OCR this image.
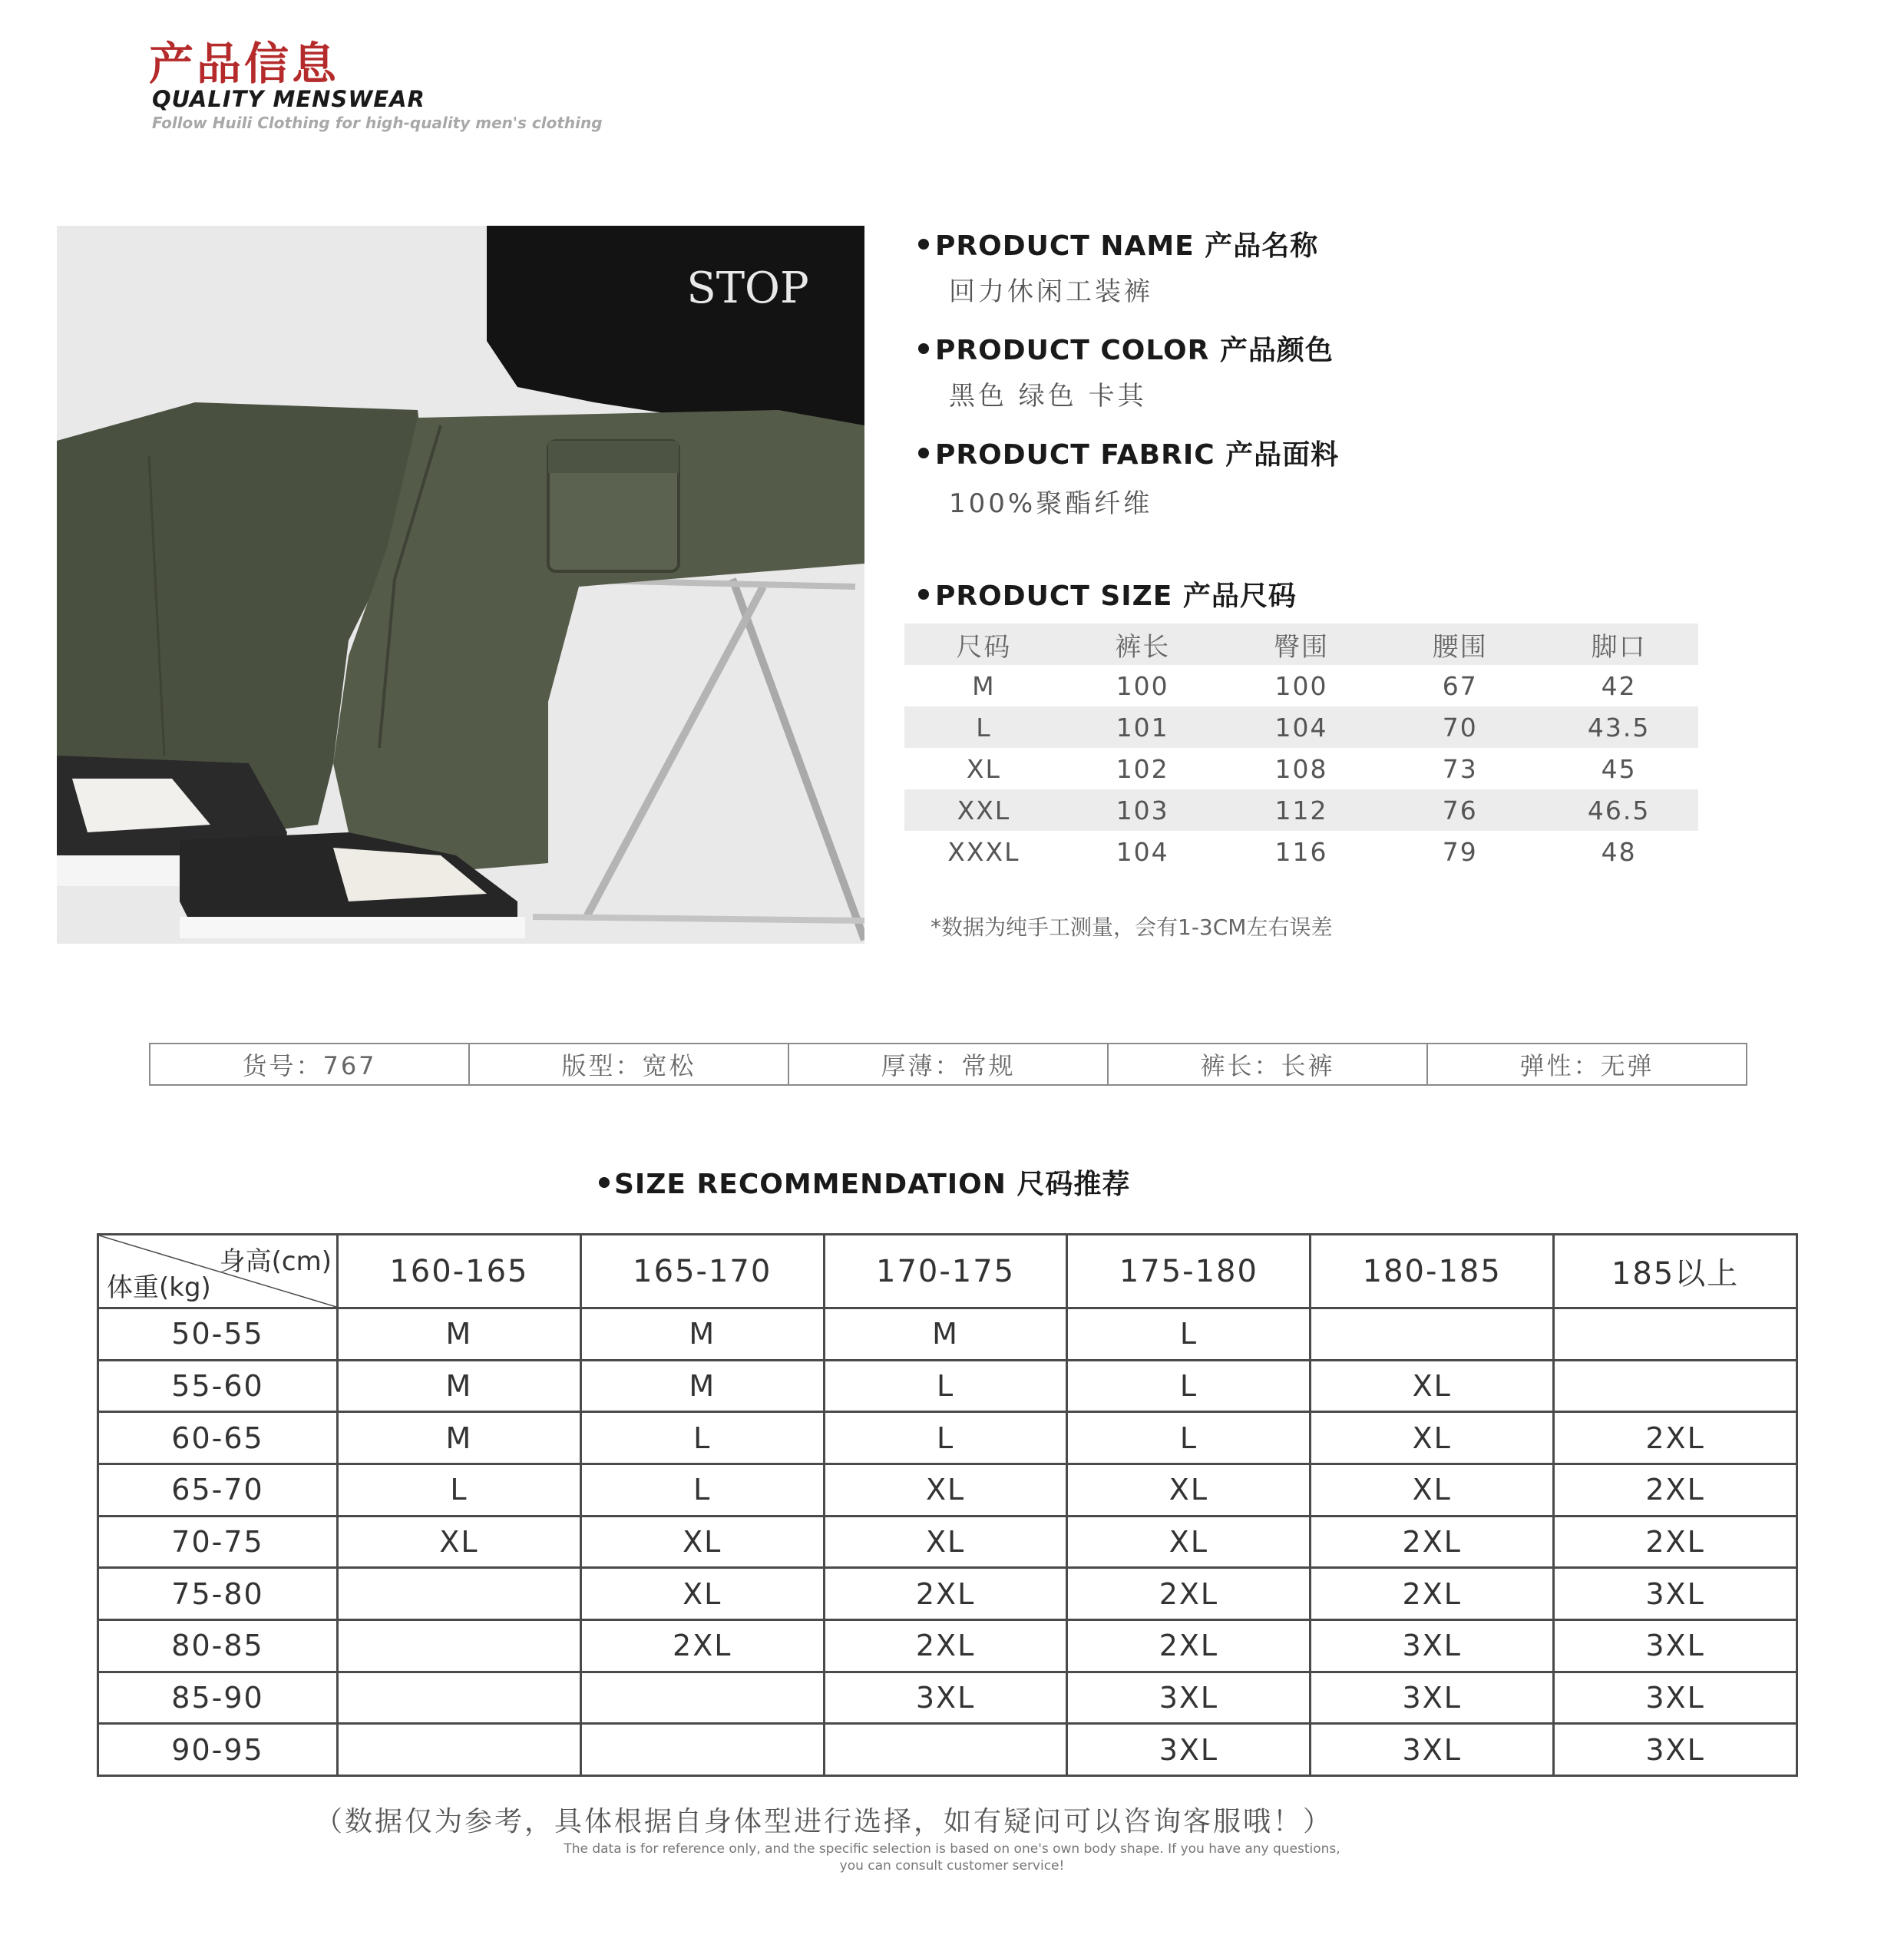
产品信息
QUALITY MENSWEAR
Follow Huili Clothing for high-quality men's clothing
STOP
PRODUCT NAME 产品名称
回力休闲工装裤
PRODUCT COLOR 产品颜色
黑色 绿色 卡其
PRODUCT FABRIC 产品面料
100%聚酯纤维
PRODUCT SIZE 产品尺码
尺码	裤长	臀围	腰围	脚口
M	100	100	67	42
L	101	104	70	43.5
XL	102	108	73	45
XXL	103	112	76	46.5
XXXL	104	116	79	48
*数据为纯手工测量，会有1-3CM左右误差
货号：767	版型：宽松	厚薄：常规	裤长：长裤	弹性：无弹
SIZE RECOMMENDATION 尺码推荐
身高(cm)
体重(kg)	160-165	165-170	170-175	175-180	180-185	185以上
50-55	M	M	M	L		
55-60	M	M	L	L	XL	
60-65	M	L	L	L	XL	2XL
65-70	L	L	XL	XL	XL	2XL
70-75	XL	XL	XL	XL	2XL	2XL
75-80		XL	2XL	2XL	2XL	3XL
80-85		2XL	2XL	2XL	3XL	3XL
85-90			3XL	3XL	3XL	3XL
90-95				3XL	3XL	3XL
（数据仅为参考，具体根据自身体型进行选择，如有疑问可以咨询客服哦！）
The data is for reference only, and the specific selection is based on one's own body shape. If you have any questions,
you can consult customer service!
